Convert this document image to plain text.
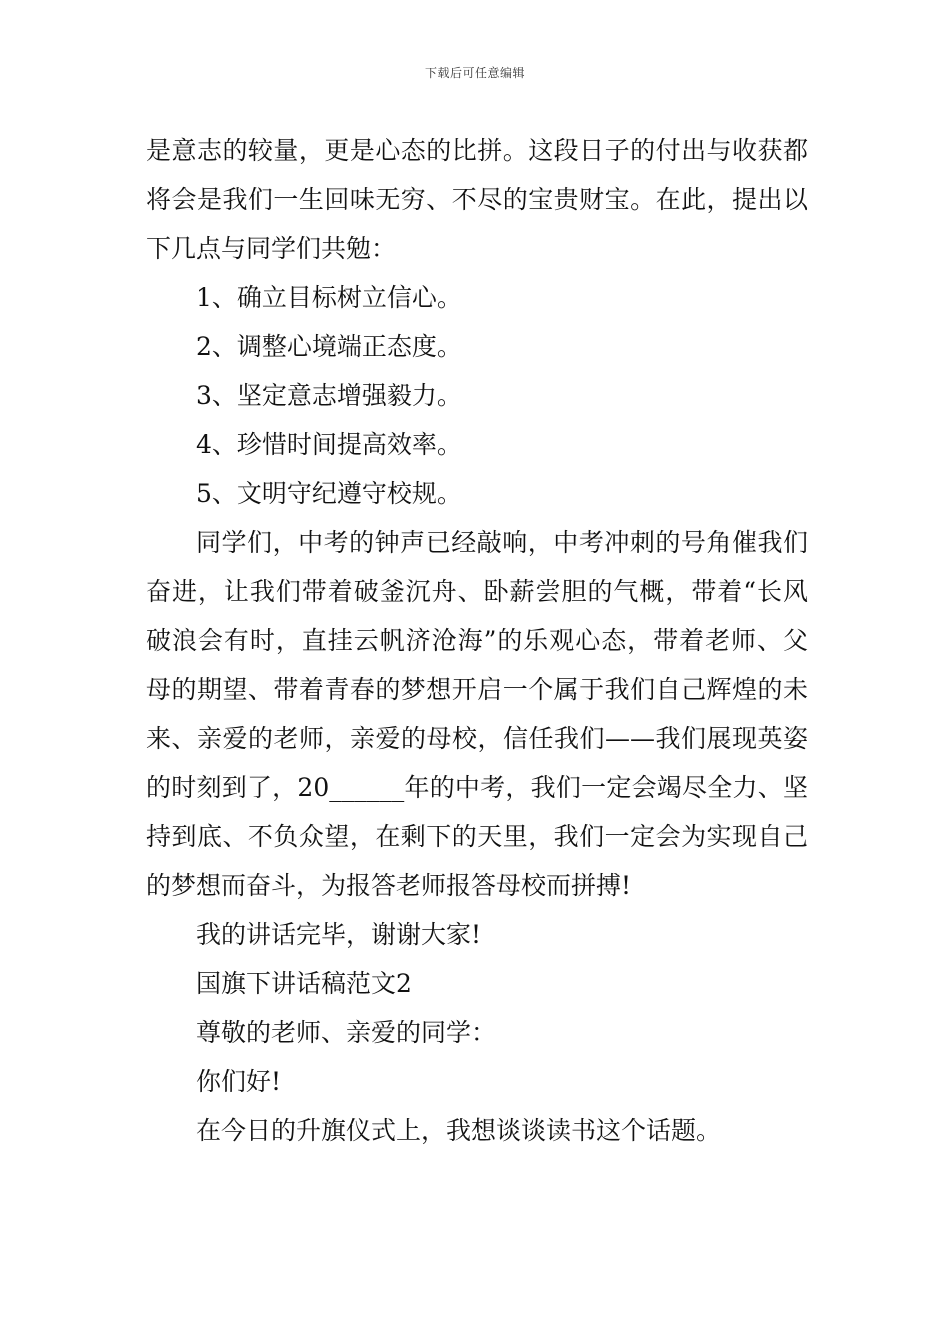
下载后可任意编辑

是意志的较量，更是心态的比拼。这段日子的付出与收获都将会是我们一生回味无穷、不尽的宝贵财宝。在此，提出以下几点与同学们共勉：

1、确立目标树立信心。

2、调整心境端正态度。

3、坚定意志增强毅力。

4、珍惜时间提高效率。

5、文明守纪遵守校规。

同学们，中考的钟声已经敲响，中考冲刺的号角催我们奋进，让我们带着破釜沉舟、卧薪尝胆的气概，带着“长风破浪会有时，直挂云帆济沧海”的乐观心态，带着老师、父母的期望、带着青春的梦想开启一个属于我们自己辉煌的未来、亲爱的老师，亲爱的母校，信任我们——我们展现英姿的时刻到了，20______年的中考，我们一定会竭尽全力、坚持到底、不负众望，在剩下的天里，我们一定会为实现自己的梦想而奋斗，为报答老师报答母校而拼搏!

我的讲话完毕，谢谢大家!

国旗下讲话稿范文2

尊敬的老师、亲爱的同学：

你们好!

在今日的升旗仪式上，我想谈谈读书这个话题。
